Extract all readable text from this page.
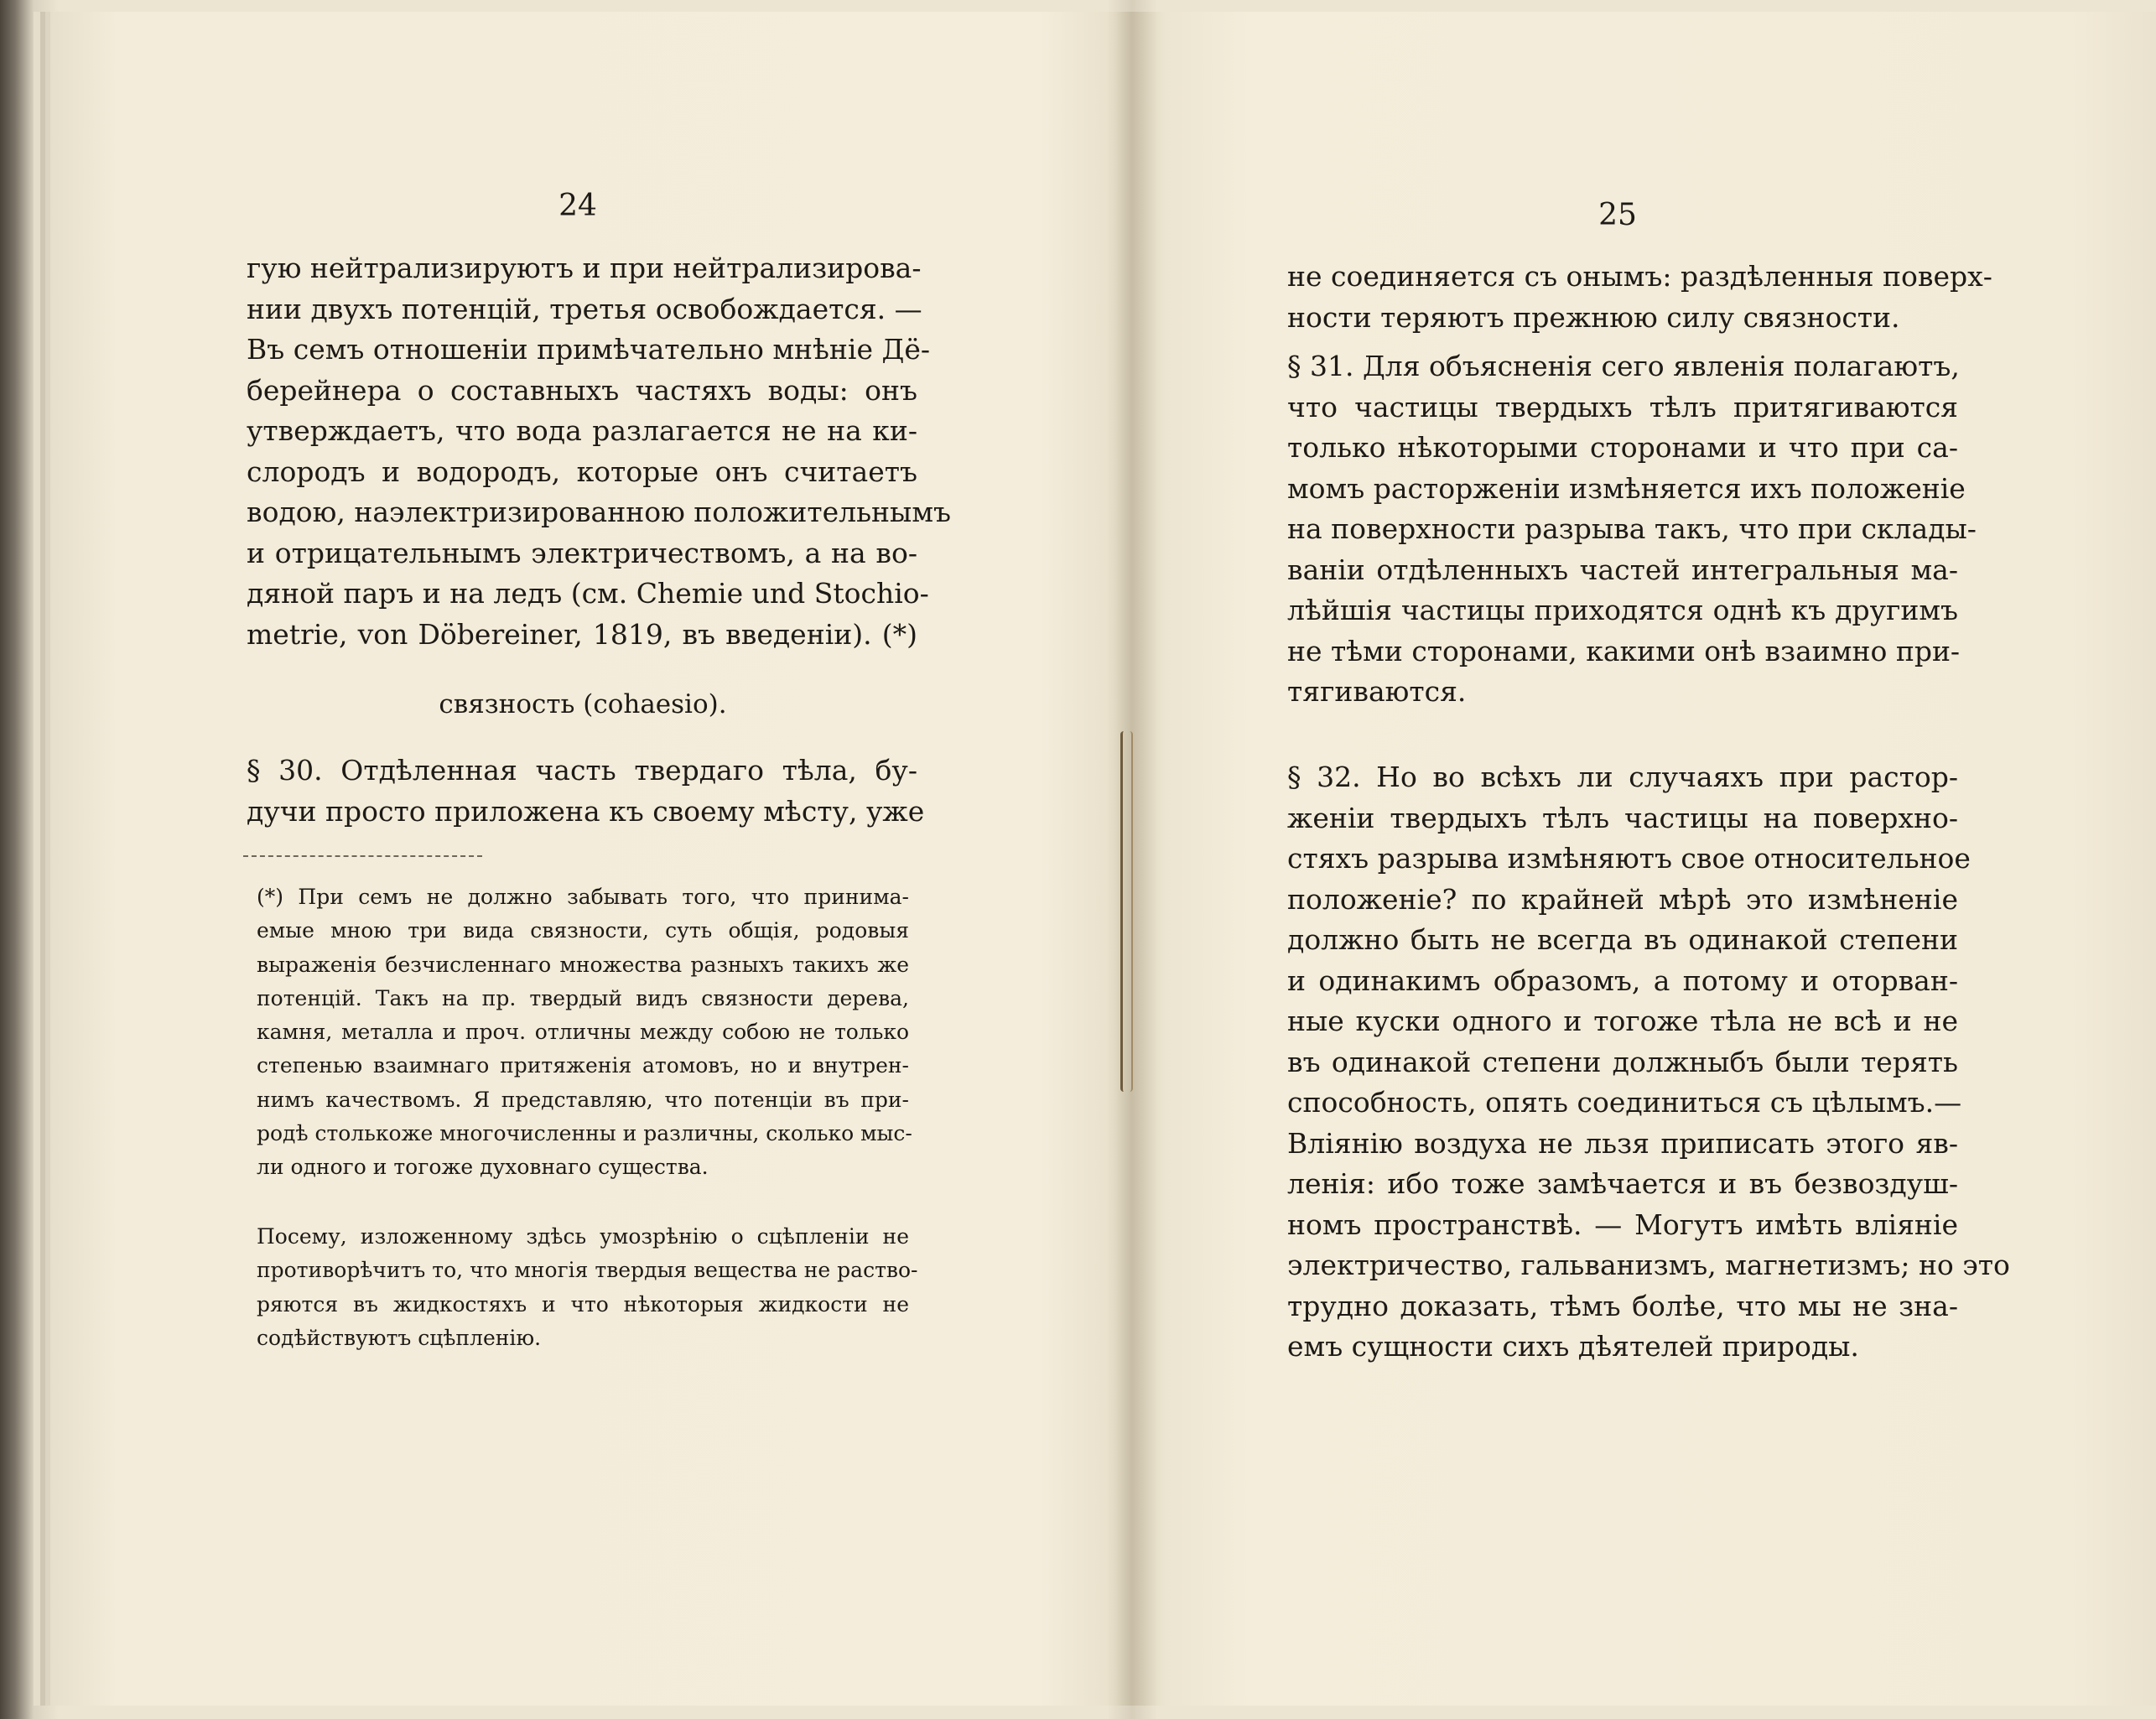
24
гую нейтрализируютъ и при нейтрализирова-
нии двухъ потенцій, третья освобождается. —
Въ семъ отношеніи примѣчательно мнѣніе Дё-
берейнера о составныхъ частяхъ воды: онъ
утверждаетъ, что вода разлагается не на ки-
слородъ и водородъ, которые онъ считаетъ
водою, наэлектризированною положительнымъ
и отрицательнымъ электричествомъ, а на во-
дяной паръ и на ледъ (см. Chemie und Stochio-
metrie, von Döbereiner, 1819, въ введеніи). (*)
связность (cohaesio).
§ 30. Отдѣленная часть твердаго тѣла, бу-
дучи просто приложена къ своему мѣсту, уже
(*) При семъ не должно забывать того, что принима-
емые мною три вида связности, суть общія, родовыя
выраженія безчисленнаго множества разныхъ такихъ же
потенцій. Такъ на пр. твердый видъ связности дерева,
камня, металла и проч. отличны между собою не только
степенью взаимнаго притяженія атомовъ, но и внутрен-
нимъ качествомъ. Я представляю, что потенціи въ при-
родѣ столькоже многочисленны и различны, сколько мыс-
ли одного и тогоже духовнаго существа.
Посему, изложенному здѣсь умозрѣнію о сцѣпленіи не
противорѣчитъ то, что многія твердыя вещества не раство-
ряются въ жидкостяхъ и что нѣкоторыя жидкости не
содѣйствуютъ сцѣпленію.
25
не соединяется съ онымъ: раздѣленныя поверх-
ности теряютъ прежнюю силу связности.
§ 31. Для объясненія сего явленія полагаютъ,
что частицы твердыхъ тѣлъ притягиваются
только нѣкоторыми сторонами и что при са-
момъ расторженіи измѣняется ихъ положеніе
на поверхности разрыва такъ, что при склады-
ваніи отдѣленныхъ частей интегральныя ма-
лѣйшія частицы приходятся однѣ къ другимъ
не тѣми сторонами, какими онѣ взаимно при-
тягиваются.
§ 32. Но во всѣхъ ли случаяхъ при растор-
женіи твердыхъ тѣлъ частицы на поверхно-
стяхъ разрыва измѣняютъ свое относительное
положеніе? по крайней мѣрѣ это измѣненіе
должно быть не всегда въ одинакой степени
и одинакимъ образомъ, а потому и оторван-
ные куски одного и тогоже тѣла не всѣ и не
въ одинакой степени должныбъ были терять
способность, опять соединиться съ цѣлымъ.—
Вліянію воздуха не льзя приписать этого яв-
ленія: ибо тоже замѣчается и въ безвоздуш-
номъ пространствѣ. — Могутъ имѣть вліяніе
электричество, гальванизмъ, магнетизмъ; но это
трудно доказать, тѣмъ болѣе, что мы не зна-
емъ сущности сихъ дѣятелей природы.
